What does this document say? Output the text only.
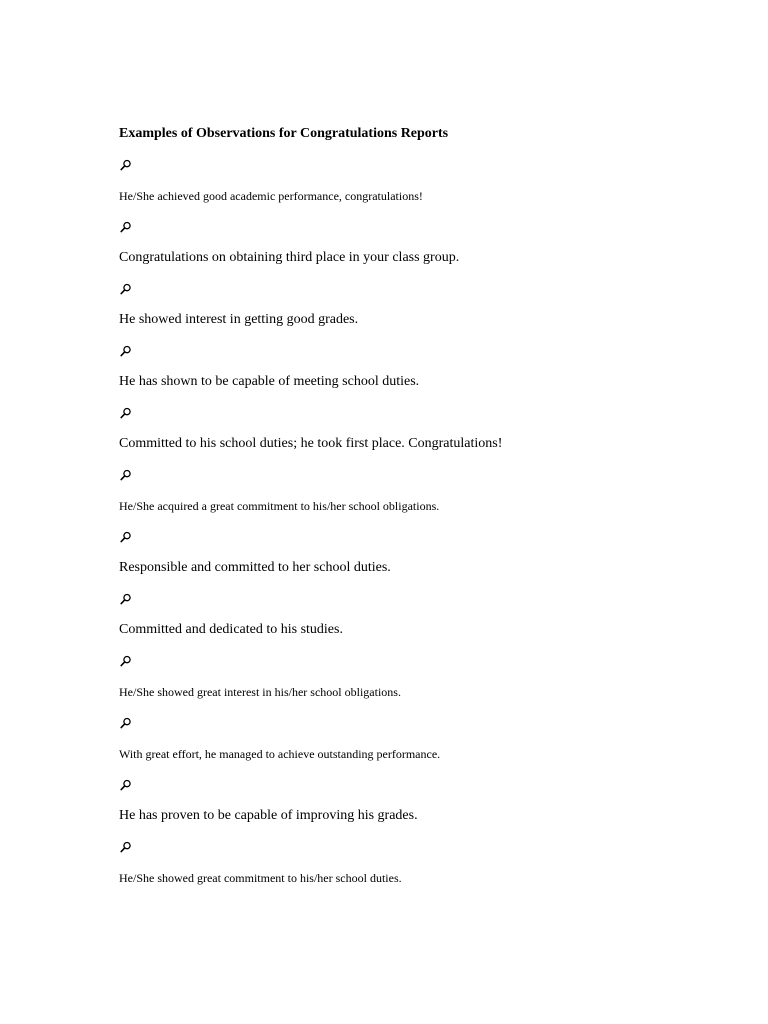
Examples of Observations for Congratulations Reports
He/She achieved good academic performance, congratulations!
Congratulations on obtaining third place in your class group.
He showed interest in getting good grades.
He has shown to be capable of meeting school duties.
Committed to his school duties; he took first place. Congratulations!
He/She acquired a great commitment to his/her school obligations.
Responsible and committed to her school duties.
Committed and dedicated to his studies.
He/She showed great interest in his/her school obligations.
With great effort, he managed to achieve outstanding performance.
He has proven to be capable of improving his grades.
He/She showed great commitment to his/her school duties.
